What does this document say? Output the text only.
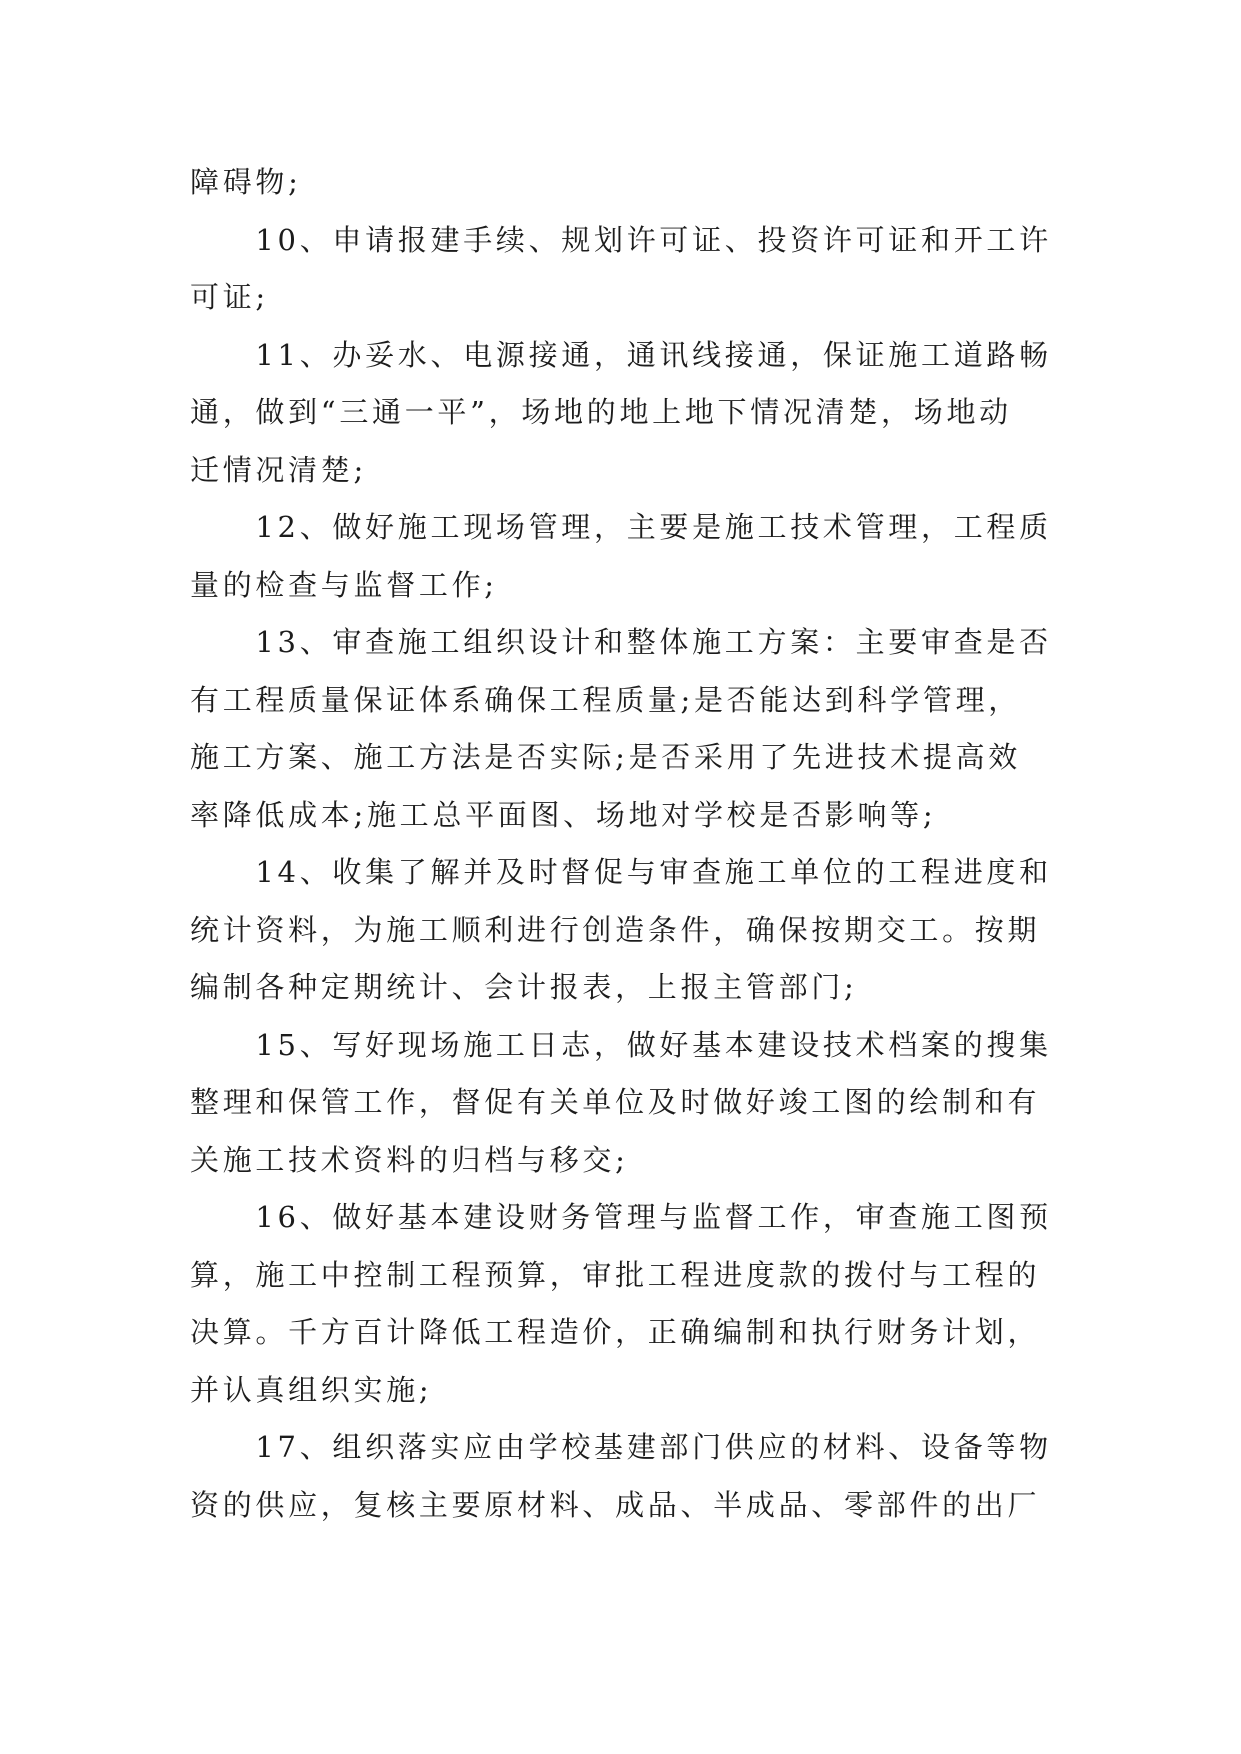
障碍物;
　　10、申请报建手续、规划许可证、投资许可证和开工许
可证;
　　11、办妥水、电源接通，通讯线接通，保证施工道路畅
通，做到“三通一平”，场地的地上地下情况清楚，场地动
迁情况清楚;
　　12、做好施工现场管理，主要是施工技术管理，工程质
量的检查与监督工作;
　　13、审查施工组织设计和整体施工方案：主要审查是否
有工程质量保证体系确保工程质量;是否能达到科学管理，
施工方案、施工方法是否实际;是否采用了先进技术提高效
率降低成本;施工总平面图、场地对学校是否影响等;
　　14、收集了解并及时督促与审查施工单位的工程进度和
统计资料，为施工顺利进行创造条件，确保按期交工。按期
编制各种定期统计、会计报表，上报主管部门;
　　15、写好现场施工日志，做好基本建设技术档案的搜集
整理和保管工作，督促有关单位及时做好竣工图的绘制和有
关施工技术资料的归档与移交;
　　16、做好基本建设财务管理与监督工作，审查施工图预
算，施工中控制工程预算，审批工程进度款的拨付与工程的
决算。千方百计降低工程造价，正确编制和执行财务计划，
并认真组织实施;
　　17、组织落实应由学校基建部门供应的材料、设备等物
资的供应，复核主要原材料、成品、半成品、零部件的出厂
